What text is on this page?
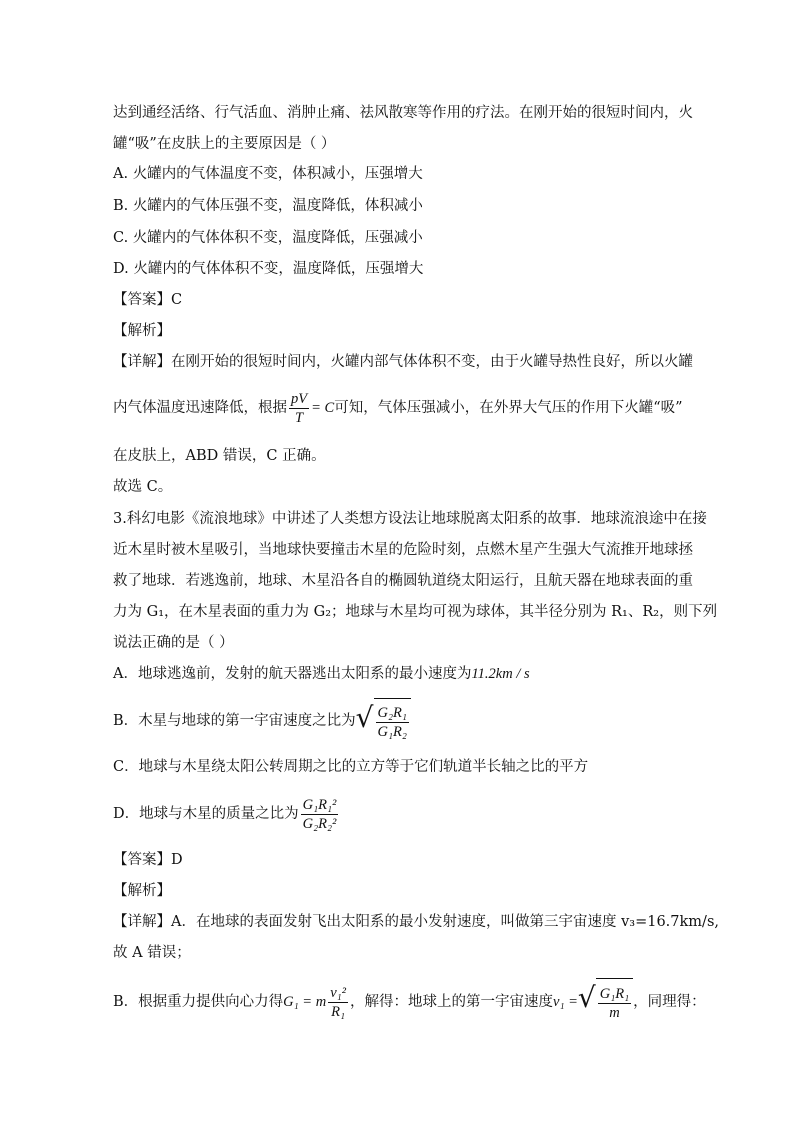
达到通经活络、行气活血、消肿止痛、祛风散寒等作用的疗法。在刚开始的很短时间内，火
罐“吸”在皮肤上的主要原因是（ ）
A. 火罐内的气体温度不变，体积减小，压强增大
B. 火罐内的气体压强不变，温度降低，体积减小
C. 火罐内的气体体积不变，温度降低，压强减小
D. 火罐内的气体体积不变，温度降低，压强增大
【答案】C
【解析】
【详解】在刚开始的很短时间内，火罐内部气体体积不变，由于火罐导热性良好，所以火罐
内气体温度迅速降低，根据 $\frac{pV}{T} = C$可知，气体压强减小，在外界大气压的作用下火罐“吸”
在皮肤上，ABD 错误，C 正确。
故选 C。
3.科幻电影《流浪地球》中讲述了人类想方设法让地球脱离太阳系的故事．地球流浪途中在接
近木星时被木星吸引，当地球快要撞击木星的危险时刻，点燃木星产生强大气流推开地球拯
救了地球．若逃逸前，地球、木星沿各自的椭圆轨道绕太阳运行，且航天器在地球表面的重
力为 G₁，在木星表面的重力为 G₂；地球与木星均可视为球体，其半径分别为 R₁、R₂，则下列
说法正确的是（ ）
A．地球逃逸前，发射的航天器逃出太阳系的最小速度为11.2km / s
B．木星与地球的第一宇宙速度之比为 √ $\frac{\text{G₂R₁}}{\text{G₁R₂}}$
C．地球与木星绕太阳公转周期之比的立方等于它们轨道半长轴之比的平方
D．地球与木星的质量之比为 $\frac{\text{G₁R₁²}}{\text{G₂R₂²}}$
【答案】D
【解析】
【详解】A．在地球的表面发射飞出太阳系的最小发射速度，叫做第三宇宙速度 v₃=16.7km/s,
故 A 错误；
B．根据重力提供向心力得G₁ = m $\frac{\text{v₁²}}{\text{R₁}}$ ，解得：地球上的第一宇宙速度v₁ = √ $\frac{\text{G₁R₁}}{m}$ ，同理得：
